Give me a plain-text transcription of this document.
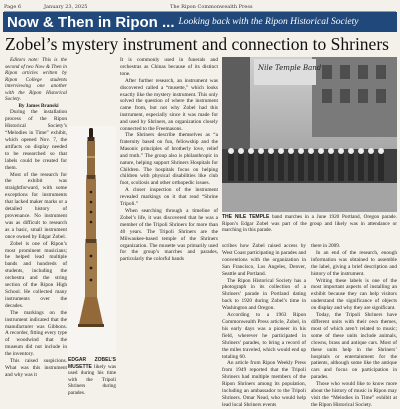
Page 6	January 23, 2025	The Ripon Commonwealth Press
Now & Then in Ripon ... Looking back with the Ripon Historical Society
Zobel’s mystery instrument and connection to Shriners

Editors note: This is the second of two Now & Then in Ripon articles written by Ripon College students interviewing one another with the Ripon Historical Society.

By James Branski

During the installation process of the Ripon Historical Society’s “Melodies in Time” exhibit, which opened Nov. 7, the artifacts on display needed to be researched so that labels could be created for them.

Most of the research for the exhibit was straightforward, with some exceptions for instruments that lacked maker marks or a detailed history of provenance. No instrument was as difficult to research as a basic, small instrument once owned by Edgar Zobel.

Zobel is one of Ripon’s most prominent musicians; he helped lead multiple bands and hundreds of students, including the orchestra and the string section of the Ripon High School. He collected many instruments over the decades.

The markings on the instrument indicated that the manufacturer was Gibbons. A recorder, fitting every type of woodwind that the museum did not include in the inventory.

This raised suspicions. What was this instrument and why was it

EDGAR ZOBEL’S MUSETTE likely was used during his time with the Tripoli Shriners during parades.

It is commonly used in funerals and orchestras as Chinas because of its distinct tone.

After further research, an instrument was discovered called a “musette,” which looks exactly like the mystery instrument. This only solved the question of where the instrument came from, but not why Zobel had this instrument, especially since it was made for and used by Shriners, an organization closely connected to the Freemasons.

The Shriners describe themselves as “a fraternity based on fun, fellowship and the Masonic principles of brotherly love, relief and truth.” The group also is philanthropic in nature, helping support Shriners Hospitals for Children. The hospitals focus on helping children with physical disabilities like club foot, scoliosis and other orthopedic issues.

A closer inspection of the instrument revealed markings on it that read “Shrine Tripoli.”

When searching through a timeline of Zobel’s life, it was discovered that he was a member of the Tripoli Shriners for more than 40 years. The Tripoli Shriners are the Milwaukee-based temple of the Shriners organization. The musette was primarily used for the group’s marches and parades, particularly the colorful bands

Nile Temple Band
THE NILE TEMPLE band marches in a June 1920 Portland, Oregon parade. Ripon’s Edgar Zobel was part of the group and likely was in attendance or marching in this parade.

scribes how Zobel raised access by West Coast participating in parades and conventions with the organization in San Francisco, Los Angeles, Denver, Seattle and Portland.

The Ripon Historical Society has a photograph in its collection of a Shriners’ parade in Portland dating back to 1920 during Zobel’s time in Washington and Oregon.

According to a 1963 Ripon Commonwealth Press article, Zobel, in his early days was a pioneer in his field, wherever he participated in Shriners’ parades, to bring a record of the miles traveled, which would end up totaling 60.

An article from Ripon Weekly Press from 1949 reported that the Tripoli Shriners had multiple members of the Ripon Shriners among its population, including an ambassador to the Tripoli Shriners. Omar Nead, who would help lead local Shriners events

there in 2009.

In an end of the research, enough information was obtained to assemble the label, giving a brief description and history of the instrument.

Writing these labels is one of the most important aspects of installing an exhibit because they can help visitors understand the significance of objects on display and why they are significant.

Today, the Tripoli Shriners have different units with their own themes, most of which aren’t related to music; some of these units include animals, clowns, brass and antique cars. Most of these units help in the Shriners’ hospitals or entertainment for the patients, although some like the antique cars and focus on participation in parades.

Those who would like to know more about the history of music in Ripon may visit the “Melodies in Time” exhibit at the Ripon Historical Society.
